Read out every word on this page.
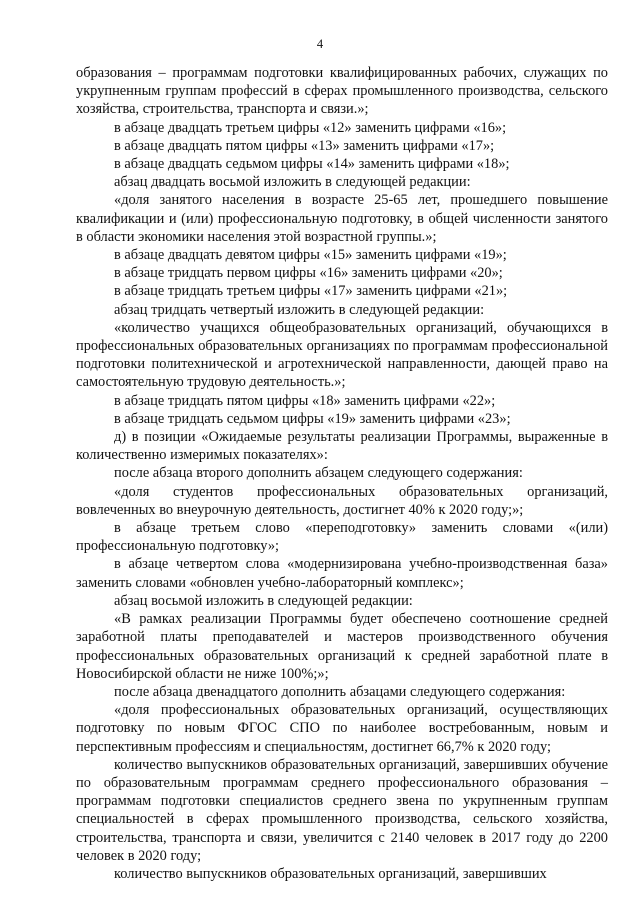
4

образования – программам подготовки квалифицированных рабочих, служащих по укрупненным группам профессий в сферах промышленного производства, сельского хозяйства, строительства, транспорта и связи.»;

в абзаце двадцать третьем цифры «12» заменить цифрами «16»;

в абзаце двадцать пятом цифры «13» заменить цифрами «17»;

в абзаце двадцать седьмом цифры «14» заменить цифрами «18»;

абзац двадцать восьмой изложить в следующей редакции:

«доля занятого населения в возрасте 25-65 лет, прошедшего повышение квалификации и (или) профессиональную подготовку, в общей численности занятого в области экономики населения этой возрастной группы.»;

в абзаце двадцать девятом цифры «15» заменить цифрами «19»;

в абзаце тридцать первом цифры «16» заменить цифрами «20»;

в абзаце тридцать третьем цифры «17» заменить цифрами «21»;

абзац тридцать четвертый изложить в следующей редакции:

«количество учащихся общеобразовательных организаций, обучающихся в профессиональных образовательных организациях по программам профессиональной подготовки политехнической и агротехнической направленности, дающей право на самостоятельную трудовую деятельность.»;

в абзаце тридцать пятом цифры «18» заменить цифрами «22»;

в абзаце тридцать седьмом цифры «19» заменить цифрами «23»;

д) в позиции «Ожидаемые результаты реализации Программы, выраженные в количественно измеримых показателях»:

после абзаца второго дополнить абзацем следующего содержания:

«доля студентов профессиональных образовательных организаций, вовлеченных во внеурочную деятельность, достигнет 40% к 2020 году;»;

в абзаце третьем слово «переподготовку» заменить словами «(или) профессиональную подготовку»;

в абзаце четвертом слова «модернизирована учебно-производственная база» заменить словами «обновлен учебно-лабораторный комплекс»;

абзац восьмой изложить в следующей редакции:

«В рамках реализации Программы будет обеспечено соотношение средней заработной платы преподавателей и мастеров производственного обучения профессиональных образовательных организаций к средней заработной плате в Новосибирской области не ниже 100%;»;

после абзаца двенадцатого дополнить абзацами следующего содержания:

«доля профессиональных образовательных организаций, осуществляющих подготовку по новым ФГОС СПО по наиболее востребованным, новым и перспективным профессиям и специальностям, достигнет 66,7% к 2020 году;

количество выпускников образовательных организаций, завершивших обучение по образовательным программам среднего профессионального образования – программам подготовки специалистов среднего звена по укрупненным группам специальностей в сферах промышленного производства, сельского хозяйства, строительства, транспорта и связи, увеличится с 2140 человек в 2017 году до 2200 человек в 2020 году;

количество выпускников образовательных организаций, завершивших
